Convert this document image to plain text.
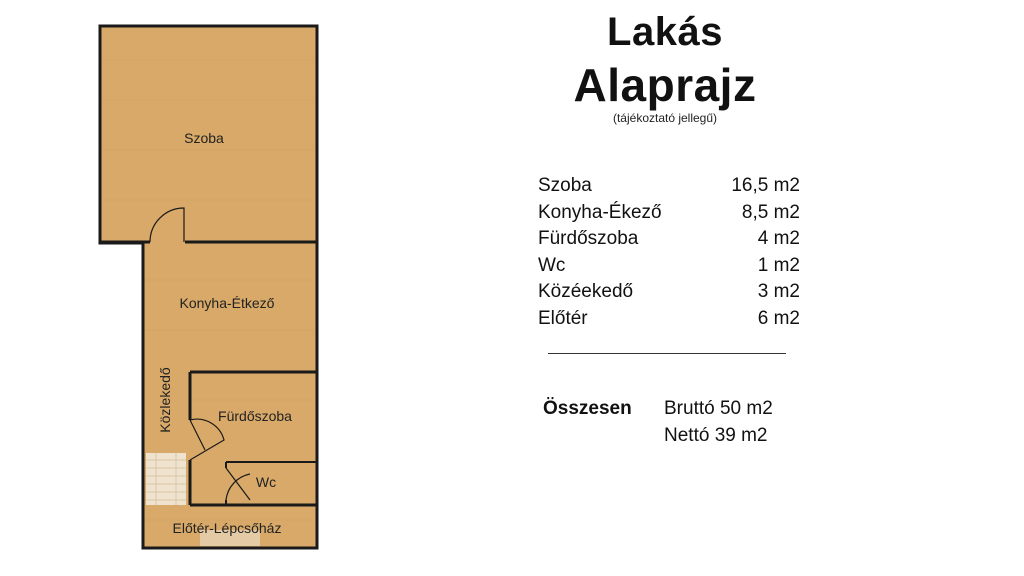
Szoba
Konyha-Étkező
Közlekedő	Fürdőszoba
Wc
Előtér-Lépcsőház
Lakás
Alaprajz
(tájékoztató jellegű)
Szoba	16,5 m2
Konyha-Ékező	8,5 m2
Fürdőszoba	4 m2
Wc	1 m2
Közéekedő	3 m2
Előtér	6 m2
Összesen	Bruttó 50 m2
Nettó 39 m2
